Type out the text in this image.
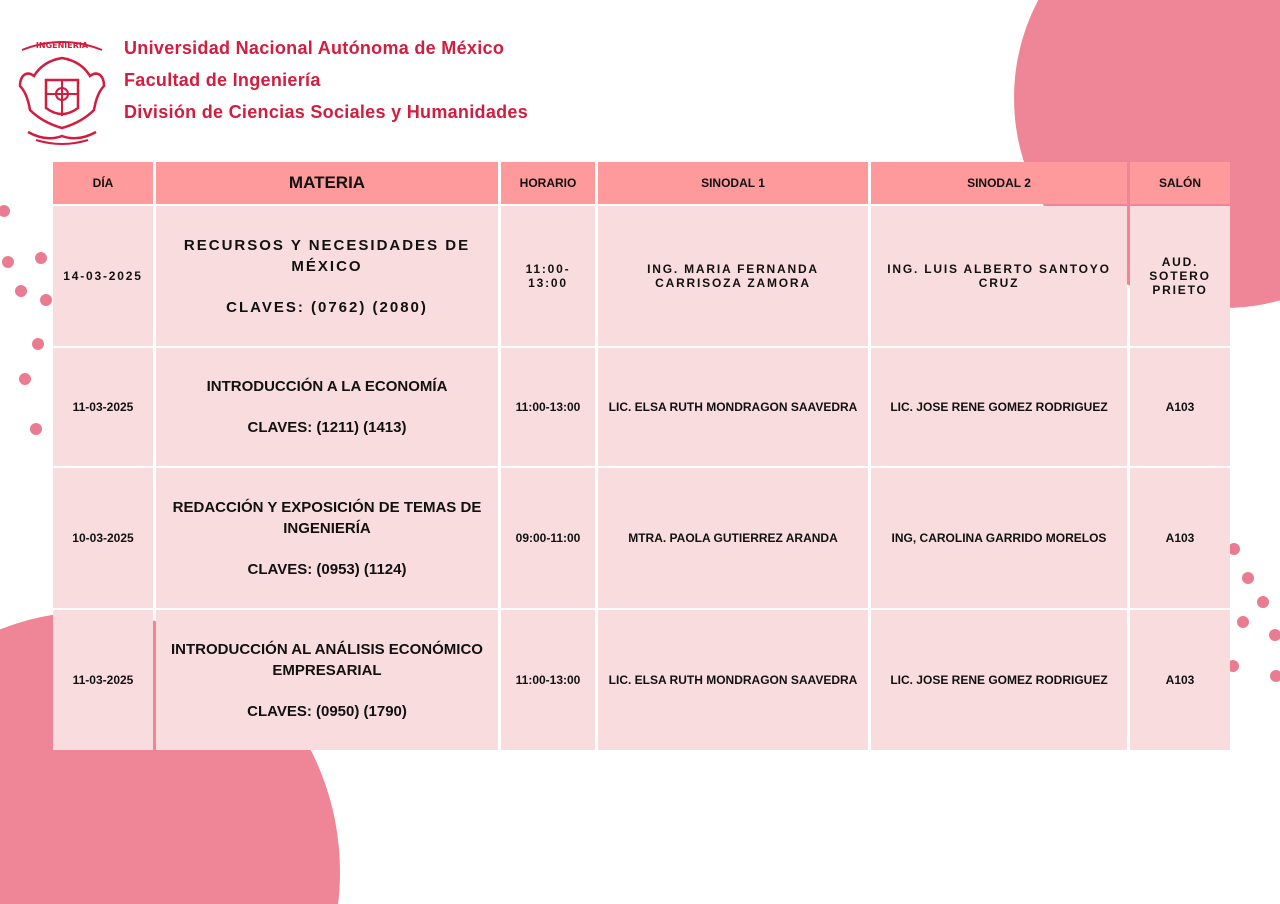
INGENIERIA Universidad Nacional Autónoma de México
Facultad de Ingeniería
División de Ciencias Sociales y Humanidades
DÍA	MATERIA	HORARIO	SINODAL 1	SINODAL 2	SALÓN
14-03-2025	RECURSOS Y NECESIDADES DE MÉXICO
CLAVES: (0762) (2080)	11:00-13:00	ING. MARIA FERNANDA CARRISOZA ZAMORA	ING. LUIS ALBERTO SANTOYO CRUZ	AUD. SOTERO PRIETO
11-03-2025	INTRODUCCIÓN A LA ECONOMÍA
CLAVES: (1211) (1413)	11:00-13:00	LIC. ELSA RUTH MONDRAGON SAAVEDRA	LIC. JOSE RENE GOMEZ RODRIGUEZ	A103
10-03-2025	REDACCIÓN Y EXPOSICIÓN DE TEMAS DE INGENIERÍA
CLAVES: (0953) (1124)	09:00-11:00	MTRA. PAOLA GUTIERREZ ARANDA	ING, CAROLINA GARRIDO MORELOS	A103
11-03-2025	INTRODUCCIÓN AL ANÁLISIS ECONÓMICO EMPRESARIAL
CLAVES: (0950) (1790)	11:00-13:00	LIC. ELSA RUTH MONDRAGON SAAVEDRA	LIC. JOSE RENE GOMEZ RODRIGUEZ	A103
